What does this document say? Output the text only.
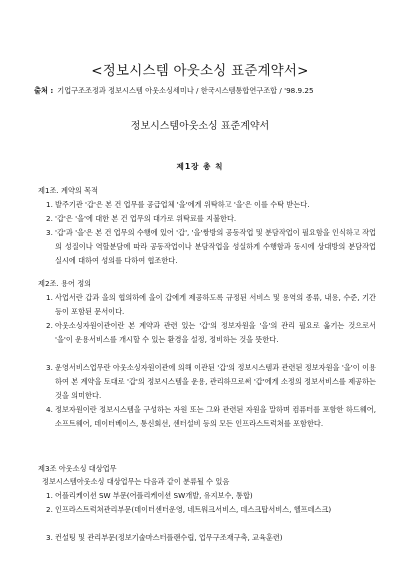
<정보시스템 아웃소싱 표준계약서>
출처 : 기업구조조정과 정보시스템 아웃소싱세미나 / 한국시스템통합연구조합 / '98.9.25
정보시스템아웃소싱 표준계약서
제1장 총 칙
제1조. 계약의 목적
1. 발주기관 '갑'은 본 건 업무를 공급업체 '을'에게 위탁하고 '을'은 이를 수탁 받는다.
2. '갑'은 '을'에 대한 본 건 업무의 대가로 위탁료를 지불한다.
3. '갑'과 '을'은 본 건 업무의 수행에 있어 '갑', '을'쌍방의 공동작업 및 분담작업이 필요함을 인식하고 작업의 성질이나 역할분담에 따라 공동작업이나 분담작업을 성실하게 수행함과 동시에 상대방의 분담작업실시에 대하여 성의를 다하여 협조한다.
제2조. 용어 정의
1. 사업서란 갑과 을의 협의하에 을이 갑에게 제공하도록 규정된 서비스 및 용역의 종류, 내용, 수준, 기간 등이 포함된 문서이다.
2. 아웃소싱자원이관이란 본 계약과 관련 있는 '갑'의 정보자원을 '을'의 관리 필요로 옮기는 것으로서 '을'이 운용서비스를 개시할 수 있는 환경을 설정, 정비하는 것을 뜻한다.
3. 운영서비스업무란 아웃소싱자원이관에 의해 이관된 '갑'의 정보시스템과 관련된 정보자원을 '을'이 이용하여 본 계약을 토대로 '갑'의 정보시스템을 운용, 관리하므로써 '갑'에게 소정의 정보서비스를 제공하는 것을 의미한다.
4. 정보자원이란 정보시스템을 구성하는 자원 또는 그와 관련된 자원을 말하며 컴퓨터를 포함한 하드웨어, 소프트웨어, 데이터베이스, 통신회선, 센터설비 등의 모든 인프라스트럭쳐를 포함한다.
제3조 아웃소싱 대상업무
정보시스템아웃소싱 대상업무는 다음과 같이 분류될 수 있음
1. 어플리케이션 SW 부문(어플리케이션 SW개발, 유지보수, 통합)
2. 인프라스트럭쳐관리부문(데이터센터운영, 네트워크서비스, 데스크탑서비스, 헬프데스크)
3. 컨설팅 및 관리부문(정보기술마스터플랜수립, 업무구조재구축, 교육훈련)
